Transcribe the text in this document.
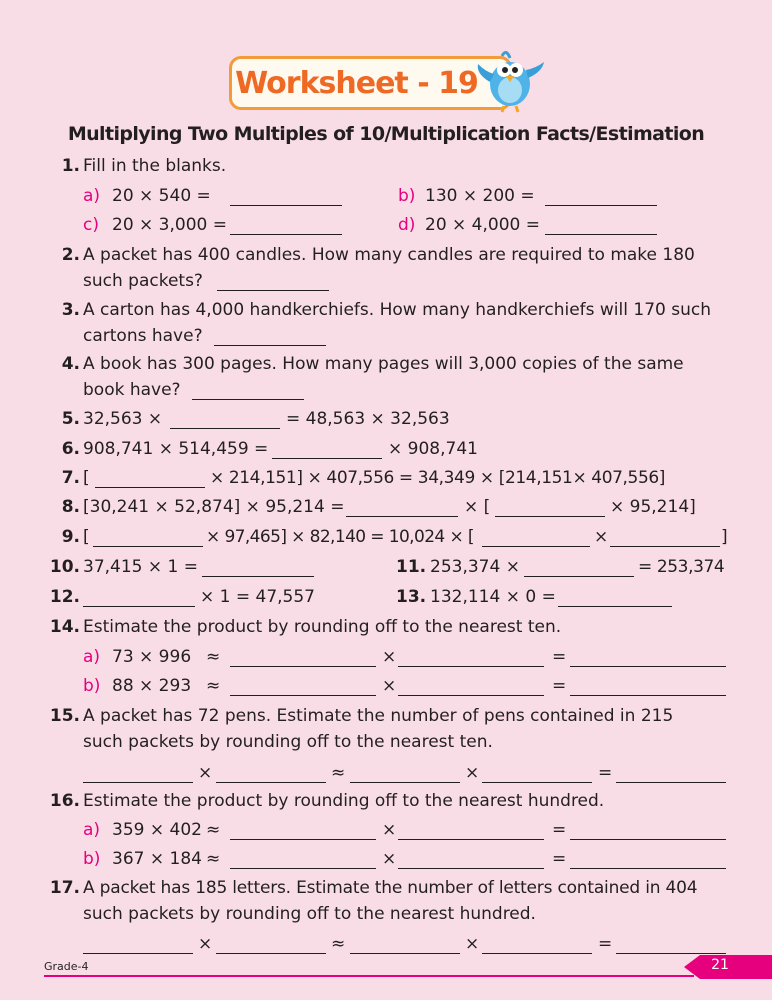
Worksheet - 19
Multiplying Two Multiples of 10/Multiplication Facts/Estimation
1. Fill in the blanks.
a) 20 × 540 =	b) 130 × 200 =
c) 20 × 3,000 =	d) 20 × 4,000 =
2. A packet has 400 candles. How many candles are required to make 180
such packets?
3. A carton has 4,000 handkerchiefs. How many handkerchiefs will 170 such
cartons have?
4. A book has 300 pages. How many pages will 3,000 copies of the same
book have?
5. 32,563 ×	= 48,563 × 32,563
6. 908,741 × 514,459 =	× 908,741
7. [	× 214,151] × 407,556 = 34,349 × [214,151× 407,556]
8. [30,241 × 52,874] × 95,214 =	× [	× 95,214]
9. [	× 97,465] × 82,140 = 10,024 × [	×	]
10. 37,415 × 1 =	11. 253,374 ×	= 253,374
12.	× 1 = 47,557	13. 132,114 × 0 =
14. Estimate the product by rounding off to the nearest ten.
a) 73 × 996 ≈	×	=
b) 88 × 293 ≈	×	=
15. A packet has 72 pens. Estimate the number of pens contained in 215
such packets by rounding off to the nearest ten.
×	≈	×	=
16. Estimate the product by rounding off to the nearest hundred.
a) 359 × 402 ≈	×	=
b) 367 × 184 ≈	×	=
17. A packet has 185 letters. Estimate the number of letters contained in 404
such packets by rounding off to the nearest hundred.
×	≈	×	=
Grade-4	21
